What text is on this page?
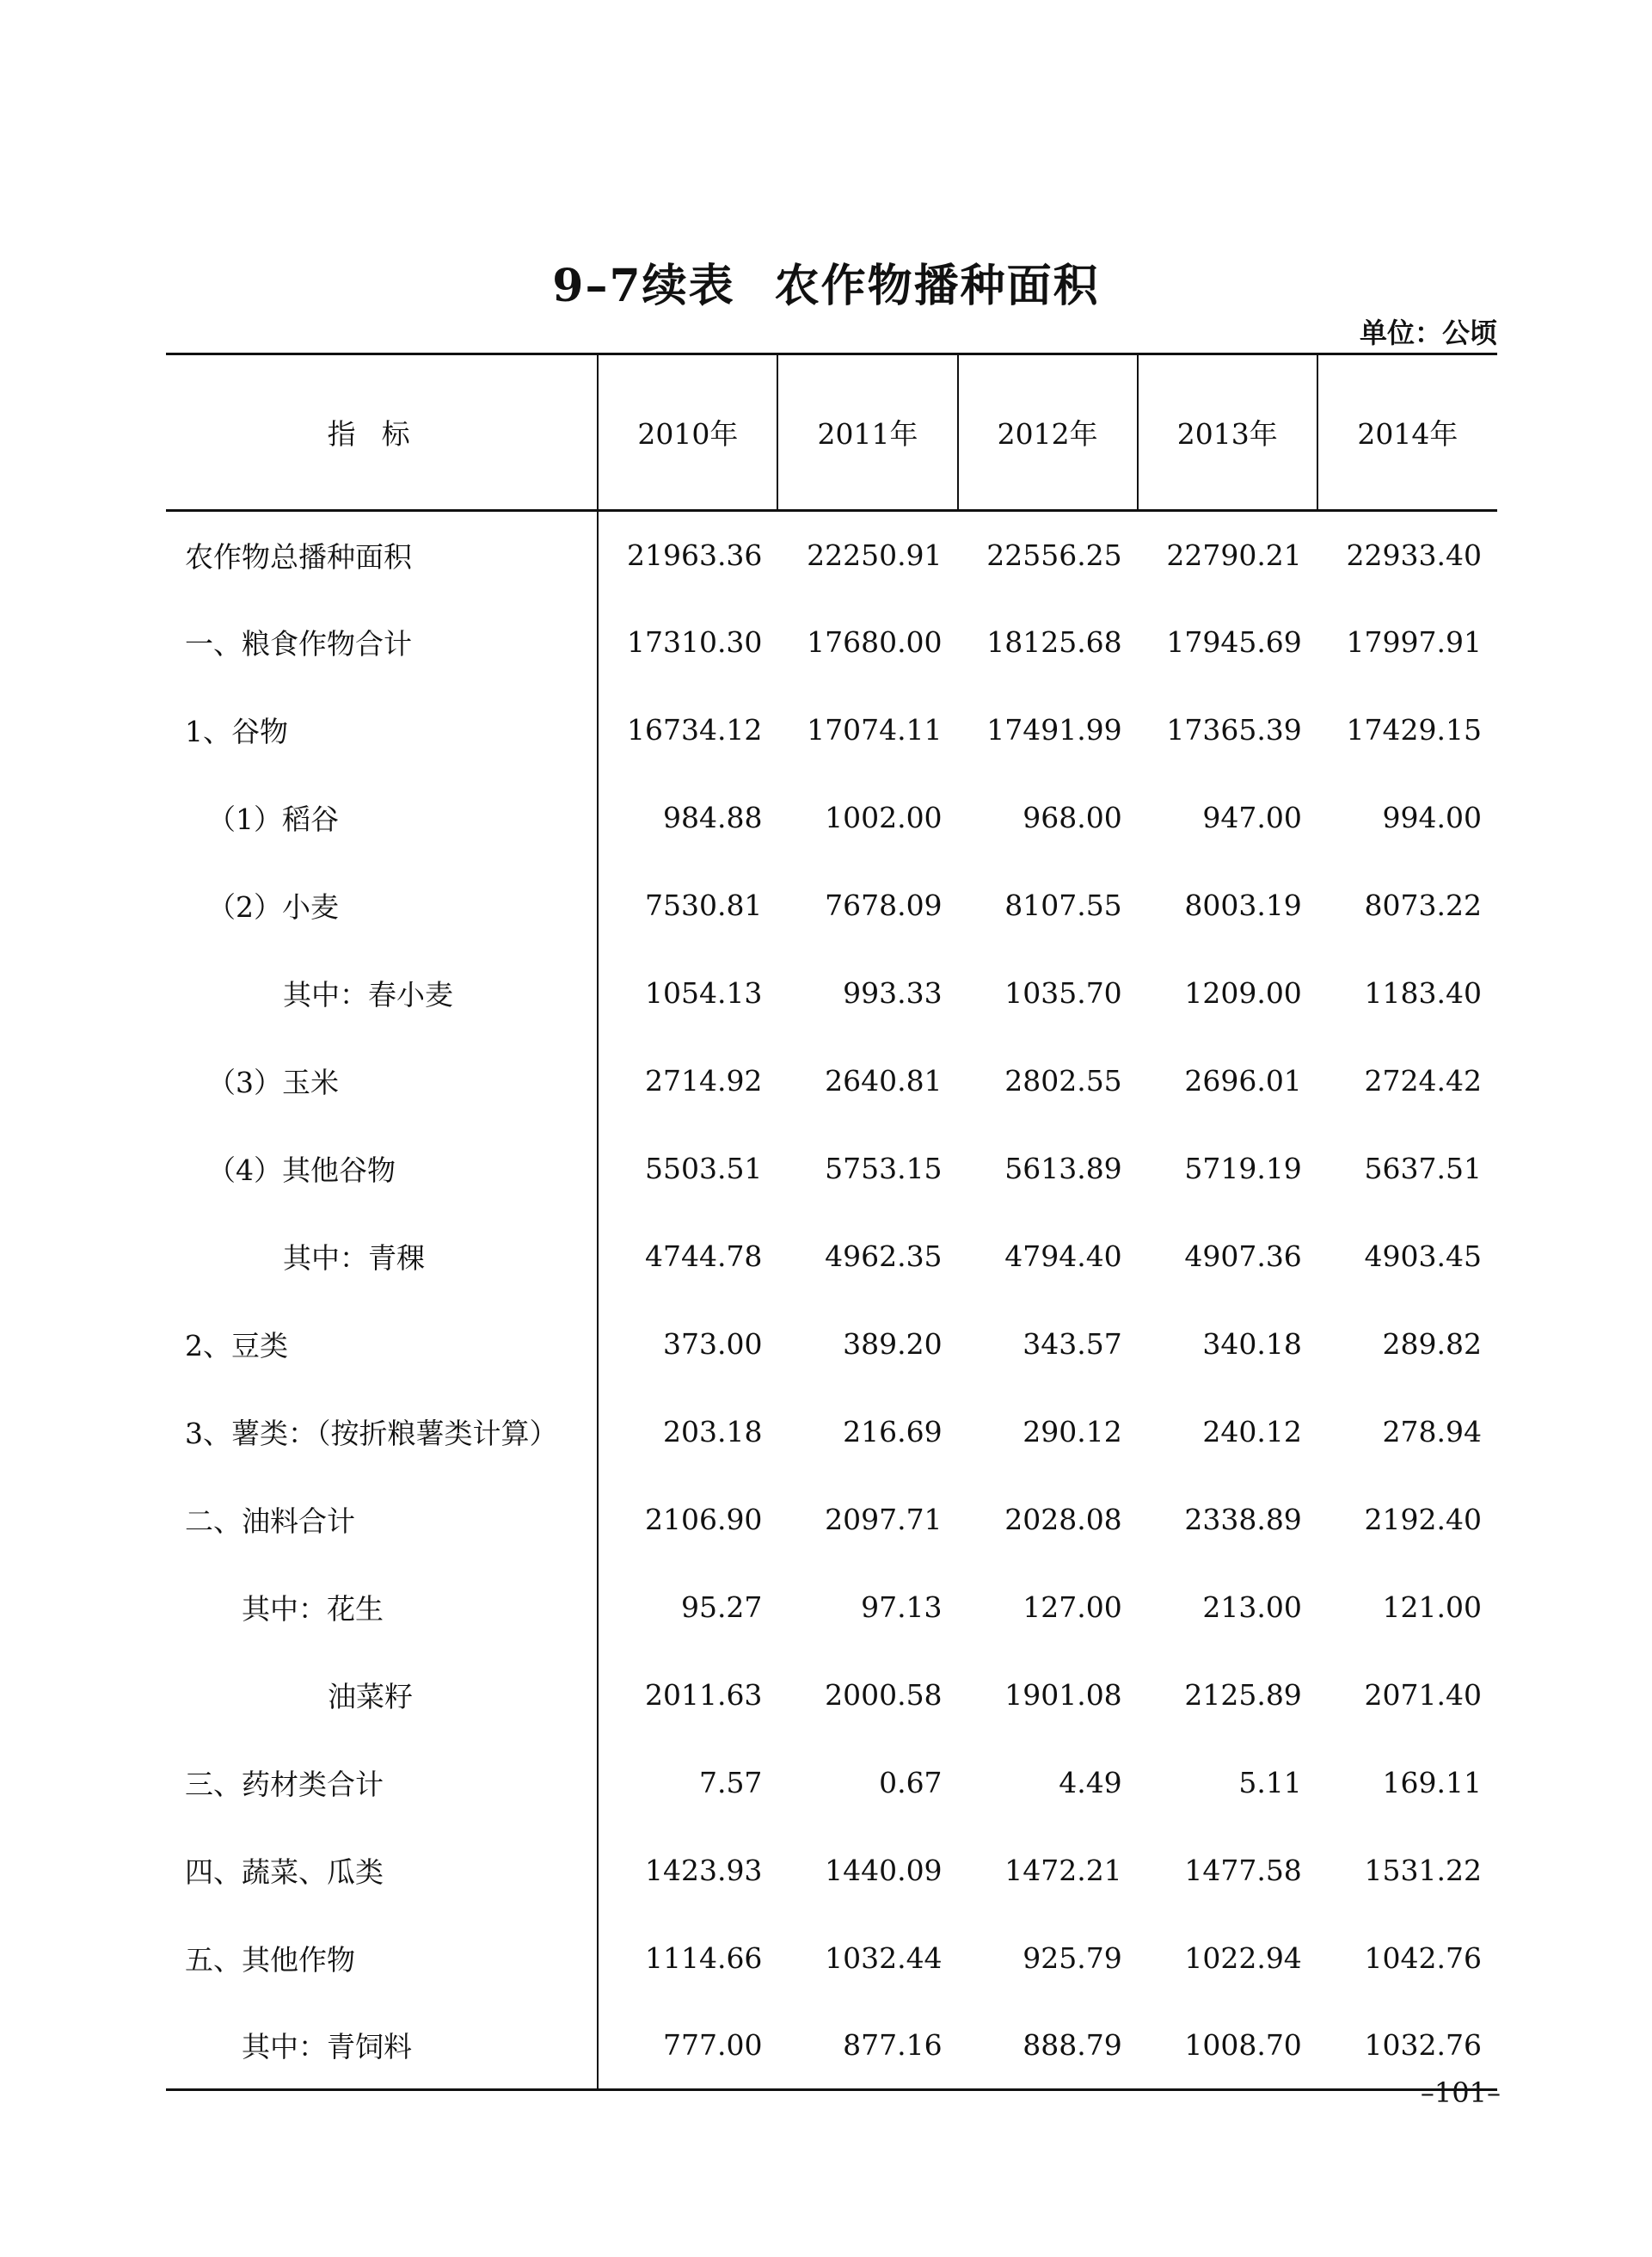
9–7续表 农作物播种面积
单位：公顷
指标	2010年	2011年	2012年	2013年	2014年
农作物总播种面积	21963.36	22250.91	22556.25	22790.21	22933.40
一、粮食作物合计	17310.30	17680.00	18125.68	17945.69	17997.91
1、谷物	16734.12	17074.11	17491.99	17365.39	17429.15
（1）稻谷	984.88	1002.00	968.00	947.00	994.00
（2）小麦	7530.81	7678.09	8107.55	8003.19	8073.22
其中：春小麦	1054.13	993.33	1035.70	1209.00	1183.40
（3）玉米	2714.92	2640.81	2802.55	2696.01	2724.42
（4）其他谷物	5503.51	5753.15	5613.89	5719.19	5637.51
其中：青稞	4744.78	4962.35	4794.40	4907.36	4903.45
2、豆类	373.00	389.20	343.57	340.18	289.82
3、薯类：（按折粮薯类计算）	203.18	216.69	290.12	240.12	278.94
二、油料合计	2106.90	2097.71	2028.08	2338.89	2192.40
其中：花生	95.27	97.13	127.00	213.00	121.00
油菜籽	2011.63	2000.58	1901.08	2125.89	2071.40
三、药材类合计	7.57	0.67	4.49	5.11	169.11
四、蔬菜、瓜类	1423.93	1440.09	1472.21	1477.58	1531.22
五、其他作物	1114.66	1032.44	925.79	1022.94	1042.76
其中：青饲料	777.00	877.16	888.79	1008.70	1032.76
–101–
